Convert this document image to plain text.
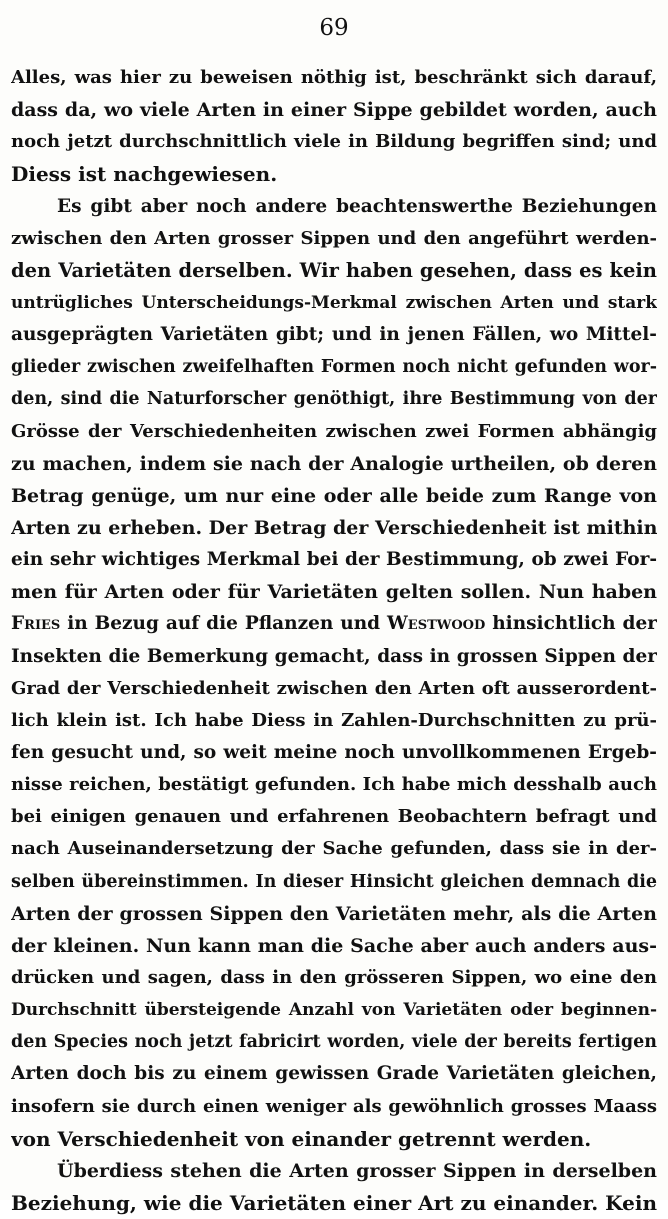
69
Alles, was hier zu beweisen nöthig ist, beschränkt sich darauf,
dass da, wo viele Arten in einer Sippe gebildet worden, auch
noch jetzt durchschnittlich viele in Bildung begriffen sind; und
Diess ist nachgewiesen.
Es gibt aber noch andere beachtenswerthe Beziehungen
zwischen den Arten grosser Sippen und den angeführt werden-
den Varietäten derselben. Wir haben gesehen, dass es kein
untrügliches Unterscheidungs-Merkmal zwischen Arten und stark
ausgeprägten Varietäten gibt; und in jenen Fällen, wo Mittel-
glieder zwischen zweifelhaften Formen noch nicht gefunden wor-
den, sind die Naturforscher genöthigt, ihre Bestimmung von der
Grösse der Verschiedenheiten zwischen zwei Formen abhängig
zu machen, indem sie nach der Analogie urtheilen, ob deren
Betrag genüge, um nur eine oder alle beide zum Range von
Arten zu erheben. Der Betrag der Verschiedenheit ist mithin
ein sehr wichtiges Merkmal bei der Bestimmung, ob zwei For-
men für Arten oder für Varietäten gelten sollen. Nun haben
Fries in Bezug auf die Pflanzen und Westwood hinsichtlich der
Insekten die Bemerkung gemacht, dass in grossen Sippen der
Grad der Verschiedenheit zwischen den Arten oft ausserordent-
lich klein ist. Ich habe Diess in Zahlen-Durchschnitten zu prü-
fen gesucht und, so weit meine noch unvollkommenen Ergeb-
nisse reichen, bestätigt gefunden. Ich habe mich desshalb auch
bei einigen genauen und erfahrenen Beobachtern befragt und
nach Auseinandersetzung der Sache gefunden, dass sie in der-
selben übereinstimmen. In dieser Hinsicht gleichen demnach die
Arten der grossen Sippen den Varietäten mehr, als die Arten
der kleinen. Nun kann man die Sache aber auch anders aus-
drücken und sagen, dass in den grösseren Sippen, wo eine den
Durchschnitt übersteigende Anzahl von Varietäten oder beginnen-
den Species noch jetzt fabricirt worden, viele der bereits fertigen
Arten doch bis zu einem gewissen Grade Varietäten gleichen,
insofern sie durch einen weniger als gewöhnlich grosses Maass
von Verschiedenheit von einander getrennt werden.
Überdiess stehen die Arten grosser Sippen in derselben
Beziehung, wie die Varietäten einer Art zu einander. Kein
